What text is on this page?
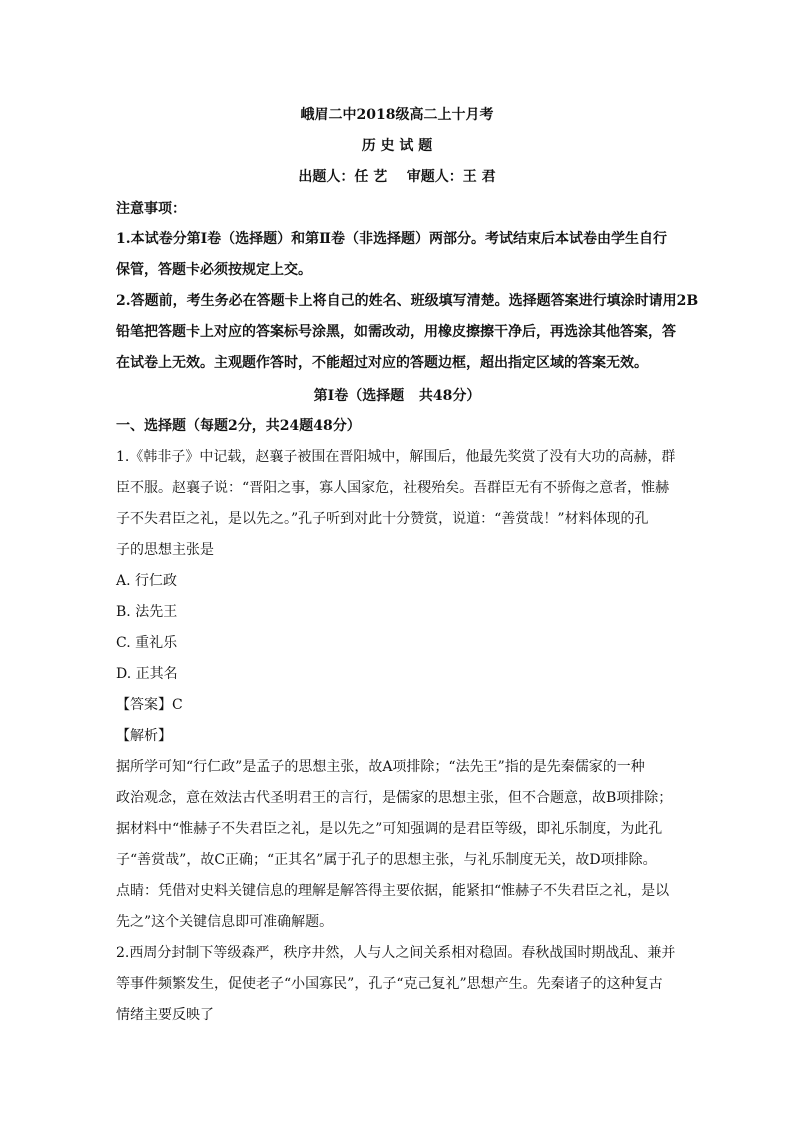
峨眉二中2018级高二上十月考
历 史 试 题
出题人：任 艺    审题人：王 君
注意事项：
1.本试卷分第Ⅰ卷（选择题）和第Ⅱ卷（非选择题）两部分。考试结束后本试卷由学生自行
保管，答题卡必须按规定上交。
2.答题前，考生务必在答题卡上将自己的姓名、班级填写清楚。选择题答案进行填涂时请用2B
铅笔把答题卡上对应的答案标号涂黑，如需改动，用橡皮擦擦干净后，再选涂其他答案，答
在试卷上无效。主观题作答时，不能超过对应的答题边框，超出指定区域的答案无效。
第Ⅰ卷（选择题   共48分）
一、选择题（每题2分，共24题48分）
1.《韩非子》中记载，赵襄子被围在晋阳城中，解围后，他最先奖赏了没有大功的高赫，群
臣不服。赵襄子说：“晋阳之事，寡人国家危，社稷殆矣。吾群臣无有不骄侮之意者，惟赫
子不失君臣之礼，是以先之。”孔子听到对此十分赞赏，说道：“善赏哉！”材料体现的孔
子的思想主张是
A. 行仁政
B. 法先王
C. 重礼乐
D. 正其名
【答案】C
【解析】
据所学可知“行仁政”是孟子的思想主张，故A项排除；“法先王”指的是先秦儒家的一种
政治观念，意在效法古代圣明君王的言行，是儒家的思想主张，但不合题意，故B项排除；
据材料中“惟赫子不失君臣之礼，是以先之”可知强调的是君臣等级，即礼乐制度，为此孔
子“善赏哉”，故C正确；“正其名”属于孔子的思想主张，与礼乐制度无关，故D项排除。
点睛：凭借对史料关键信息的理解是解答得主要依据，能紧扣“惟赫子不失君臣之礼，是以
先之”这个关键信息即可准确解题。
2.西周分封制下等级森严，秩序井然，人与人之间关系相对稳固。春秋战国时期战乱、兼并
等事件频繁发生，促使老子“小国寡民”，孔子“克己复礼”思想产生。先秦诸子的这种复古
情绪主要反映了
